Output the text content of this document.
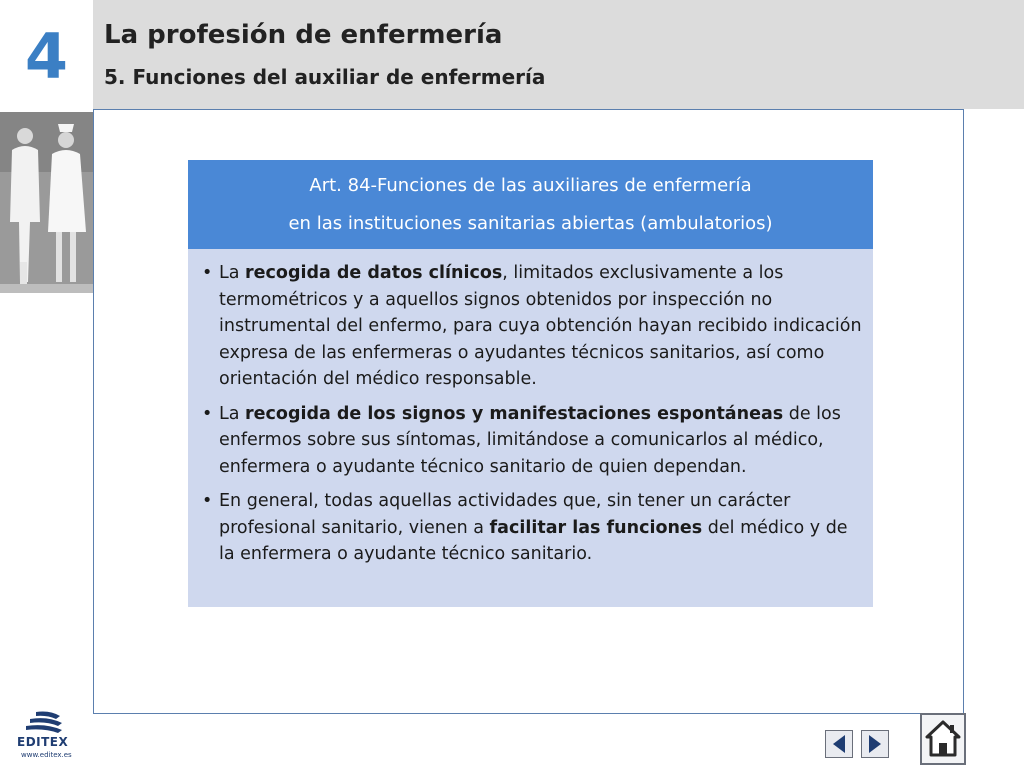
4	La profesión de enfermería
5. Funciones del auxiliar de enfermería
Art. 84-Funciones de las auxiliares de enfermería
en las instituciones sanitarias abiertas (ambulatorios)
• La recogida de datos clínicos, limitados exclusivamente a los termométricos y a aquellos signos obtenidos por inspección no instrumental del enfermo, para cuya obtención hayan recibido indicación expresa de las enfermeras o ayudantes técnicos sanitarios, así como orientación del médico responsable.
• La recogida de los signos y manifestaciones espontáneas de los enfermos sobre sus síntomas, limitándose a comunicarlos al médico, enfermera o ayudante técnico sanitario de quien dependan.
• En general, todas aquellas actividades que, sin tener un carácter profesional sanitario, vienen a facilitar las funciones del médico y de la enfermera o ayudante técnico sanitario.
EDITEX
www.editex.es
